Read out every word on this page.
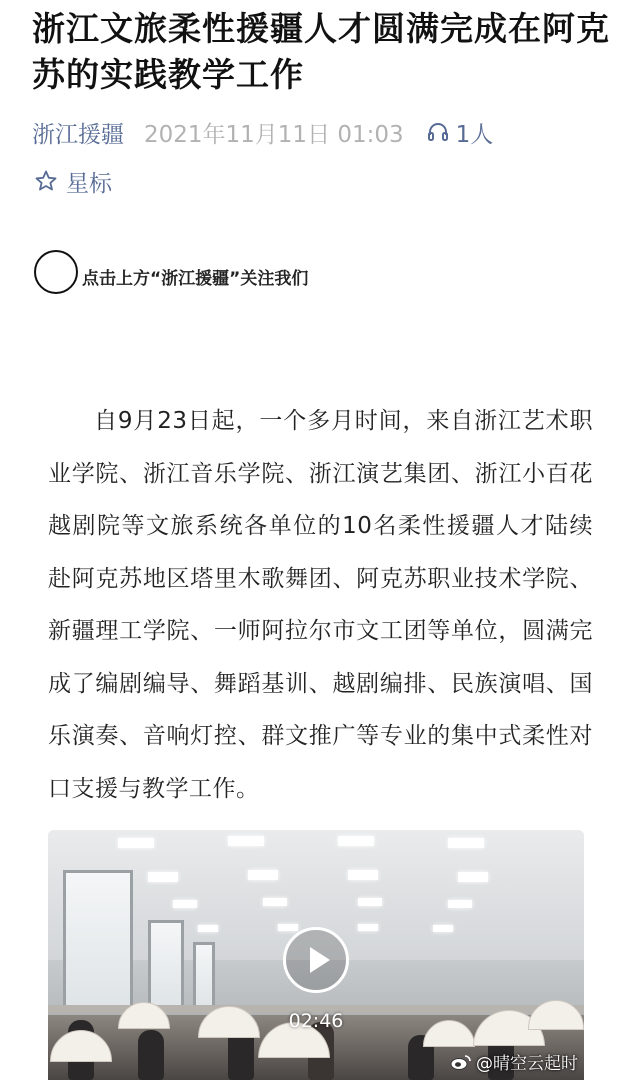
浙江文旅柔性援疆人才圆满完成在阿克苏的实践教学工作
浙江援疆 2021年11月11日 01:03 1人
星标
点击上方“浙江援疆”关注我们
自9月23日起，一个多月时间，来自浙江艺术职业学院、浙江音乐学院、浙江演艺集团、浙江小百花越剧院等文旅系统各单位的10名柔性援疆人才陆续赴阿克苏地区塔里木歌舞团、阿克苏职业技术学院、新疆理工学院、一师阿拉尔市文工团等单位，圆满完成了编剧编导、舞蹈基训、越剧编排、民族演唱、国乐演奏、音响灯控、群文推广等专业的集中式柔性对口支援与教学工作。
02:46
@晴空云起时
